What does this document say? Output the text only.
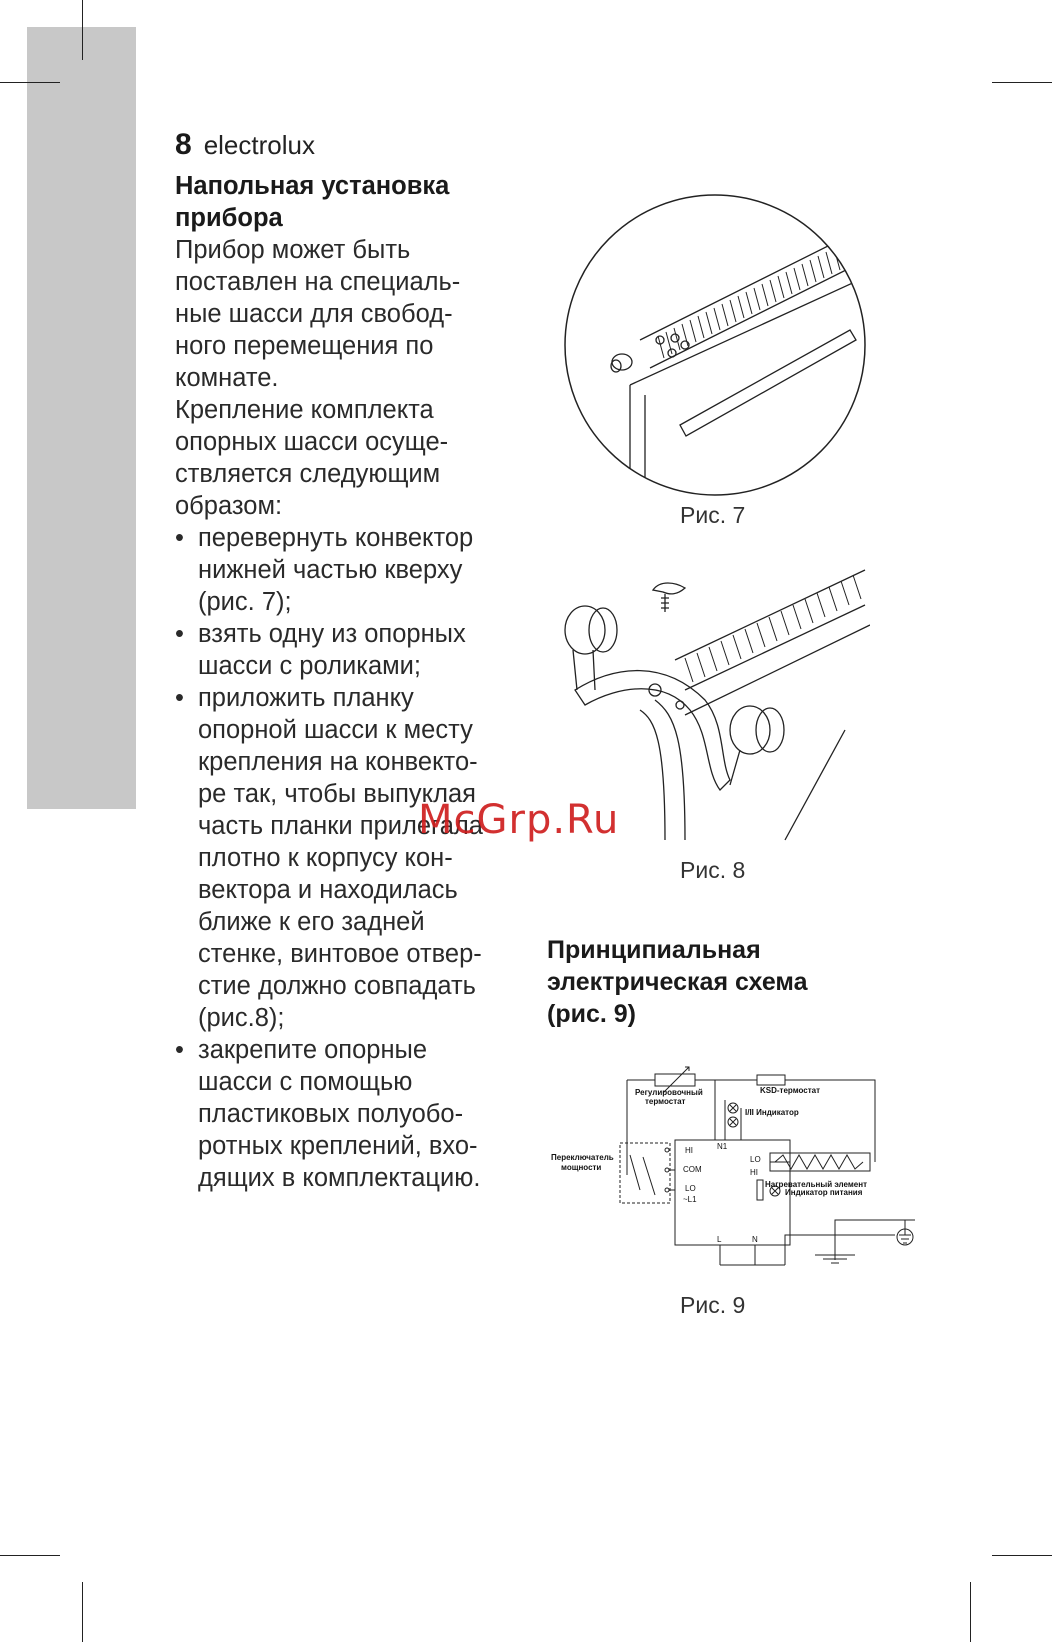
8 electrolux
Напольная установка
прибора
Прибор может быть
поставлен на специаль-
ные шасси для свобод-
ного перемещения по
комнате.
Крепление комплекта
опорных шасси осуще-
ствляется следующим
образом:
• перевернуть конвектор
нижней частью кверху
(рис. 7);
• взять одну из опорных
шасси с роликами;
• приложить планку
опорной шасси к месту
крепления на конвекто-
ре так, чтобы выпуклая
часть планки прилегала
плотно к корпусу кон-
вектора и находилась
ближе к его задней
стенке, винтовое отвер-
стие должно совпадать
(рис.8);
• закрепите опорные
шасси с помощью
пластиковых полуобо-
ротных креплений, вхо-
дящих в комплектацию.
Рис. 7
Рис. 8
McGrp.Ru
Принципиальная
электрическая схема
(рис. 9)
Регулировочный
термостат
KSD-термостат
I/II Индикатор
Переключатель
мощности
HI	N1
COM
LO
~L1
LO
HI
L	N
Нагревательный элемент
Индикатор питания
Рис. 9
